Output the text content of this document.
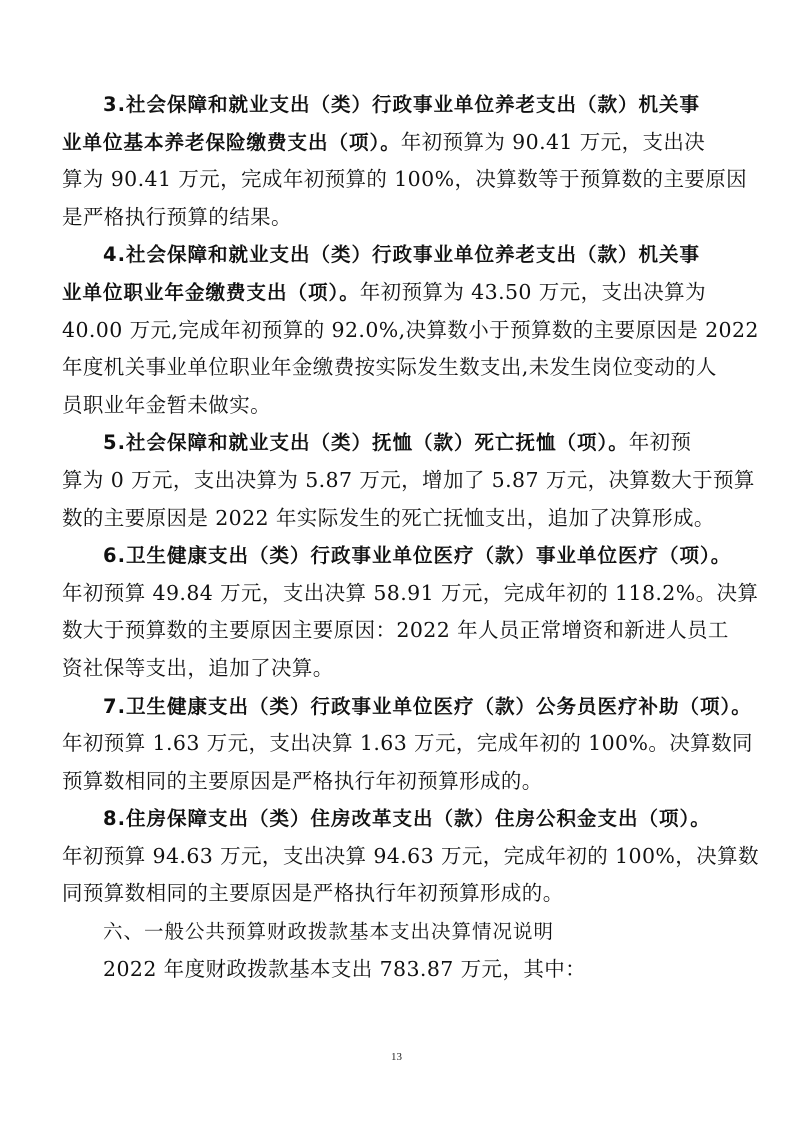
3.社会保障和就业支出（类）行政事业单位养老支出（款）机关事
业单位基本养老保险缴费支出（项）。年初预算为 90.41 万元，支出决
算为 90.41 万元，完成年初预算的 100%，决算数等于预算数的主要原因
是严格执行预算的结果。
4.社会保障和就业支出（类）行政事业单位养老支出（款）机关事
业单位职业年金缴费支出（项）。年初预算为 43.50 万元，支出决算为
40.00 万元,完成年初预算的 92.0%,决算数小于预算数的主要原因是 2022
年度机关事业单位职业年金缴费按实际发生数支出,未发生岗位变动的人
员职业年金暂未做实。
5.社会保障和就业支出（类）抚恤（款）死亡抚恤（项）。年初预
算为 0 万元，支出决算为 5.87 万元，增加了 5.87 万元，决算数大于预算
数的主要原因是 2022 年实际发生的死亡抚恤支出，追加了决算形成。
6.卫生健康支出（类）行政事业单位医疗（款）事业单位医疗（项）。
年初预算 49.84 万元，支出决算 58.91 万元，完成年初的 118.2%。决算
数大于预算数的主要原因主要原因：2022 年人员正常增资和新进人员工
资社保等支出，追加了决算。
7.卫生健康支出（类）行政事业单位医疗（款）公务员医疗补助（项）。
年初预算 1.63 万元，支出决算 1.63 万元，完成年初的 100%。决算数同
预算数相同的主要原因是严格执行年初预算形成的。
8.住房保障支出（类）住房改革支出（款）住房公积金支出（项）。
年初预算 94.63 万元，支出决算 94.63 万元，完成年初的 100%，决算数
同预算数相同的主要原因是严格执行年初预算形成的。
六、一般公共预算财政拨款基本支出决算情况说明
2022 年度财政拨款基本支出 783.87 万元，其中：
13
